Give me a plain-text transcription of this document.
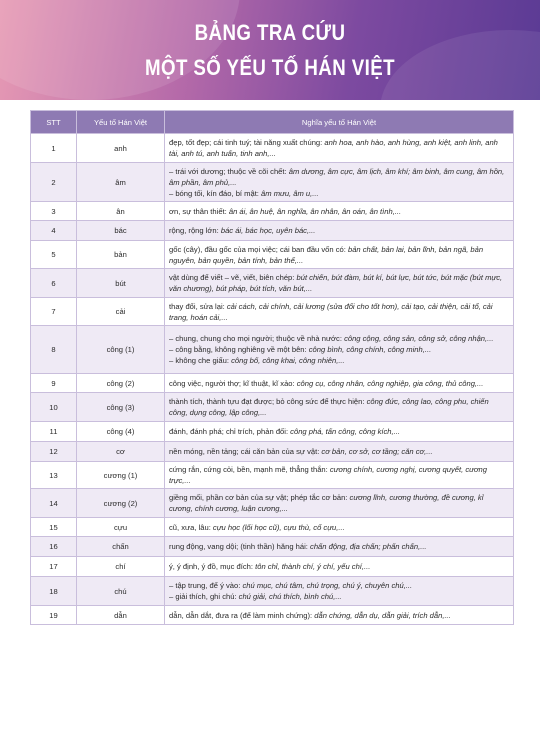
BẢNG TRA CỨU
MỘT SỐ YẾU TỐ HÁN VIỆT
STT	Yếu tố Hán Việt	Nghĩa yếu tố Hán Việt
1	anh	đẹp, tốt đẹp; cái tinh tuý; tài năng xuất chúng: anh hoa, anh hào, anh hùng, anh kiệt, anh linh, anh tài, anh tú, anh tuấn, tinh anh,...

2	âm	– trái với dương; thuộc về cõi chết: âm dương, âm cực, âm lịch, âm khí; âm binh, âm cung, âm hồn, âm phần, âm phủ,...
– bóng tối, kín đáo, bí mật: âm mưu, âm u,...

3	ân	ơn, sự thân thiết: ân ái, ân huệ, ân nghĩa, ân nhân, ân oán, ân tình,...

4	bác	rộng, rộng lớn: bác ái, bác học, uyên bác,...

5	bản	gốc (cây), đầu gốc của mọi việc; cái ban đầu vốn có: bản chất, bản lai, bản lĩnh, bản ngã, bản nguyên, bản quyền, bản tính, bản thể,...

6	bút	vật dùng để viết – vẽ, viết, biên chép: bút chiến, bút đàm, bút kí, bút lực, bút tức, bút mặc (bút mực, văn chương), bút pháp, bút tích, văn bút,...

7	cải	thay đổi, sửa lại: cải cách, cải chính, cải lương (sửa đổi cho tốt hơn), cải tạo, cải thiện, cải tổ, cải trang, hoán cải,...

8	công (1)	– chung, chung cho mọi người; thuộc về nhà nước: công cộng, công sản, công sở, công nhận,...
– công bằng, không nghiêng về một bên: công bình, công chính, công minh,...
– không che giấu: công bố, công khai, công nhiên,...

9	công (2)	công việc, người thợ; kĩ thuật, kĩ xảo: công cụ, công nhân, công nghiệp, gia công, thủ công,...

10	công (3)	thành tích, thành tựu đạt được; bỏ công sức để thực hiện: công đức, công lao, công phu, chiến công, dụng công, lập công,...

11	công (4)	đánh, đánh phá; chỉ trích, phản đối: công phá, tấn công, công kích,...

12	cơ	nền móng, nền tảng; cái căn bản của sự vật: cơ bản, cơ sở, cơ tầng; căn cơ,...

13	cương (1)	cứng rắn, cứng cỏi, bền, mạnh mẽ, thẳng thắn: cương chính, cương nghị, cương quyết, cương trực,...

14	cương (2)	giềng mối, phần cơ bản của sự vật; phép tắc cơ bản: cương lĩnh, cương thường, đề cương, kỉ cương, chính cương, luận cương,...

15	cựu	cũ, xưa, lâu: cựu học (lối học cũ), cựu thù, cổ cựu,...

16	chấn	rung động, vang dội; (tinh thần) hăng hái: chấn động, địa chấn; phấn chấn,...

17	chí	ý, ý định, ý đồ, mục đích: tôn chỉ, thành chí, ý chí, yếu chí,...

18	chú	– tập trung, để ý vào: chú mục, chú tâm, chú trọng, chú ý, chuyên chú,...
– giải thích, ghi chú: chú giải, chú thích, bình chú,...

19	dẫn	dẫn, dẫn dắt, đưa ra (để làm minh chứng): dẫn chứng, dẫn dụ, dẫn giải, trích dẫn,...
